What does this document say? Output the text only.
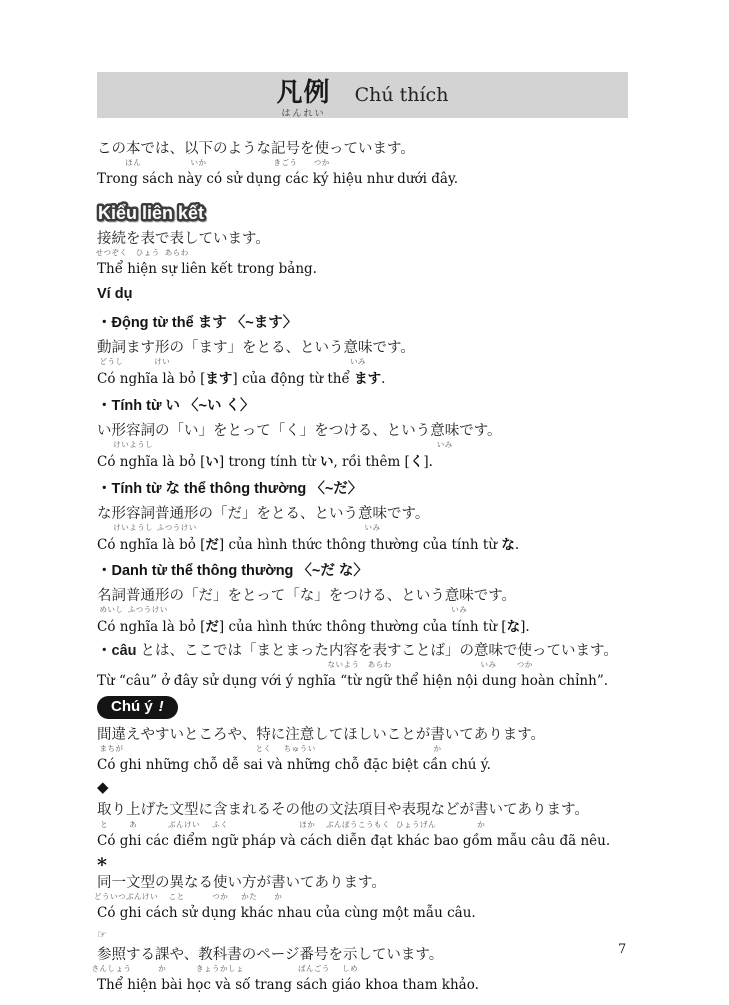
凡例
はんれい
Chú thích
この本
ほん
では、以下
いか
のような記号
きごう
を使
つか
っています。
Trong sách này có sử dụng các ký hiệu như dưới đây.
Kiểu liên kết
接続
せつぞく
を表
ひょう
で表
あらわ
しています。
Thể hiện sự liên kết trong bảng.
Ví dụ
・Động từ thể ます 〈~ます〉
動詞
どうし
ます形
けい
の「ます」をとる、という意味
いみ
です。
Có nghĩa là bỏ [ます] của động từ thể ます.
・Tính từ い 〈~い く〉
い形容詞
けいようし
の「い」をとって「く」をつける、という意味
いみ
です。
Có nghĩa là bỏ [い] trong tính từ い, rồi thêm [く].
・Tính từ な thể thông thường 〈~だ〉
な形容詞
けいようし
普通形
ふつうけい
の「だ」をとる、という意味
いみ
です。
Có nghĩa là bỏ [だ] của hình thức thông thường của tính từ な.
・Danh từ thể thông thường 〈~だ な〉
名詞
めいし
普通形
ふつうけい
の「だ」をとって「な」をつける、という意味
いみ
です。
Có nghĩa là bỏ [だ] của hình thức thông thường của tính từ [な].
・câu とは、ここでは「まとまった内容
ないよう
を表
あらわ
すことば」の意味
いみ
で使
つか
っています。
Từ “câu” ở đây sử dụng với ý nghĩa “từ ngữ thể hiện nội dung hoàn chỉnh”.
Chú ý !
間違
まちが
えやすいところや、特
とく
に注意
ちゅうい
してほしいことが書
か
いてあります。
Có ghi những chỗ dễ sai và những chỗ đặc biệt cần chú ý.
◆
取
と
り上
あ
げた文型
ぶんけい
に含
ふく
まれるその他
ほか
の文法項目
ぶんぽうこうもく
や表現
ひょうげん
などが書
か
いてあります。
Có ghi các điểm ngữ pháp và cách diễn đạt khác bao gồm mẫu câu đã nêu.
*
同一文型
どういつぶんけい
の異
こと
なる使
つか
い方
かた
が書
か
いてあります。
Có ghi cách sử dụng khác nhau của cùng một mẫu câu.
☞
参照
さんしょう
する課
か
や、教科書
きょうかしょ
のページ番号
ばんごう
を示
しめ
しています。
Thể hiện bài học và số trang sách giáo khoa tham khảo.
7
